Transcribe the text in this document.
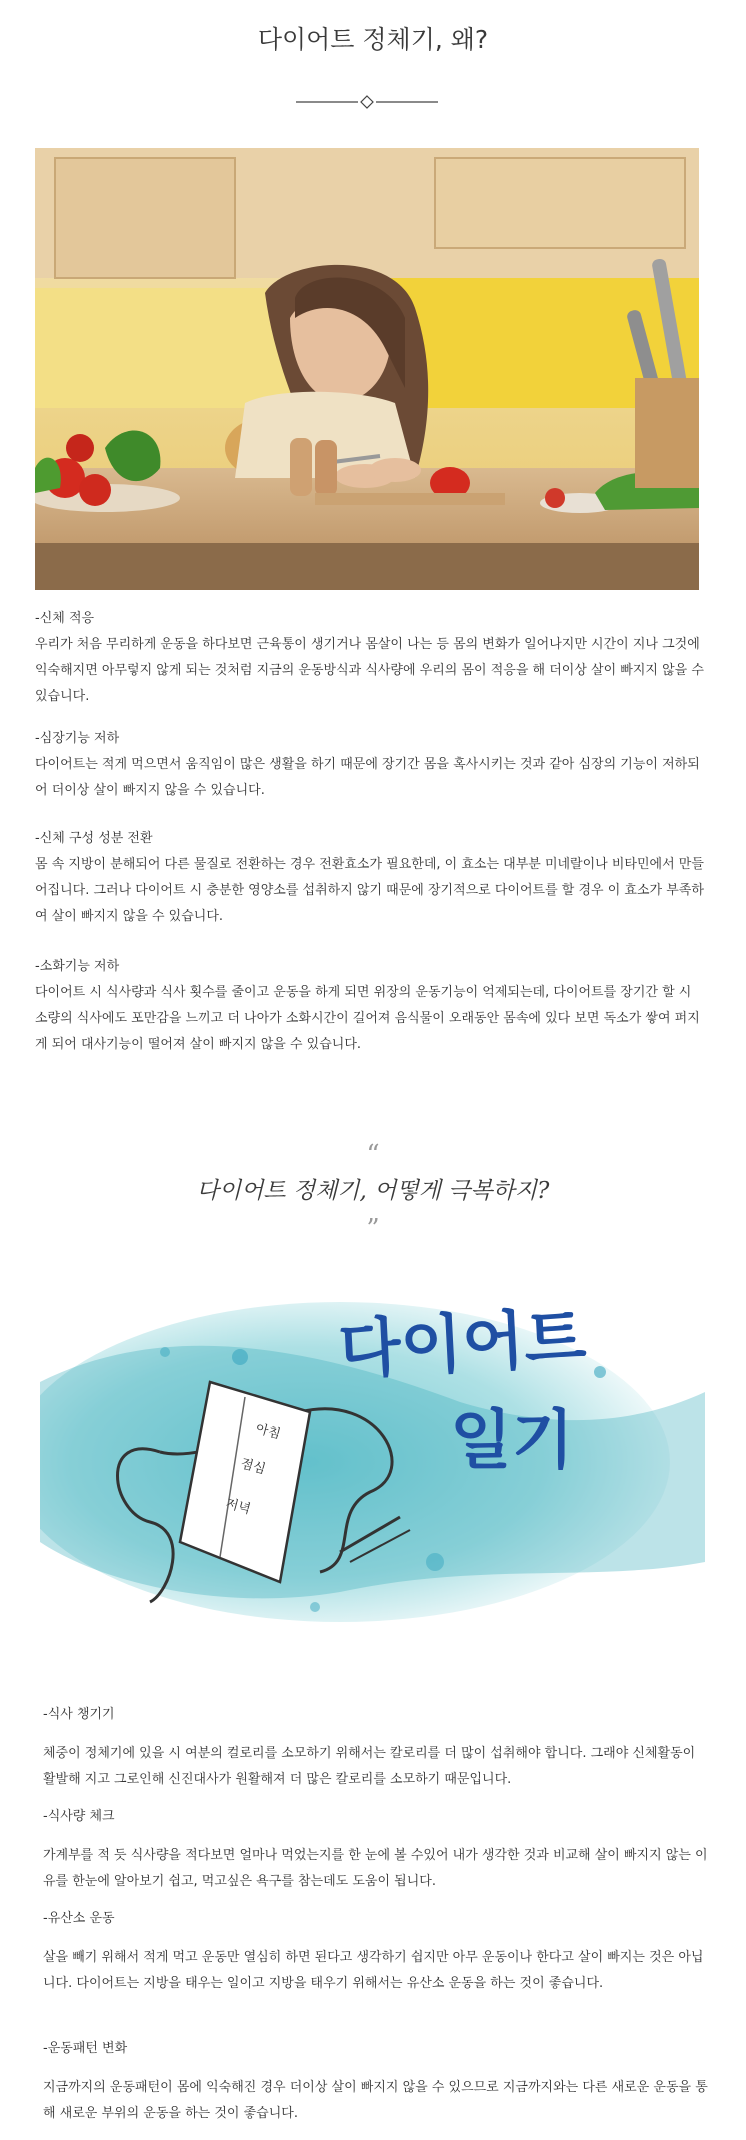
다이어트 정체기, 왜?
-신체 적응

우리가 처음 무리하게 운동을 하다보면 근육통이 생기거나 몸살이 나는 등 몸의 변화가 일어나지만 시간이 지나 그것에 익숙해지면 아무렇지 않게 되는 것처럼 지금의 운동방식과 식사량에 우리의 몸이 적응을 해 더이상 살이 빠지지 않을 수 있습니다.

-심장기능 저하

다이어트는 적게 먹으면서 움직임이 많은 생활을 하기 때문에 장기간 몸을 혹사시키는 것과 같아 심장의 기능이 저하되어 더이상 살이 빠지지 않을 수 있습니다.

-신체 구성 성분 전환

몸 속 지방이 분해되어 다른 물질로 전환하는 경우 전환효소가 필요한데, 이 효소는 대부분 미네랄이나 비타민에서 만들어집니다. 그러나 다이어트 시 충분한 영양소를 섭취하지 않기 때문에 장기적으로 다이어트를 할 경우 이 효소가 부족하여 살이 빠지지 않을 수 있습니다.

-소화기능 저하

다이어트 시 식사량과 식사 횟수를 줄이고 운동을 하게 되면 위장의 운동기능이 억제되는데, 다이어트를 장기간 할 시 소량의 식사에도 포만감을 느끼고 더 나아가 소화시간이 길어져 음식물이 오래동안 몸속에 있다 보면 독소가 쌓여 퍼지게 되어 대사기능이 떨어져 살이 빠지지 않을 수 있습니다.

“
다이어트 정체기, 어떻게 극복하지?
”
아침
점심
저녁
다이어트
일기
-식사 챙기기

체중이 정체기에 있을 시 여분의 컬로리를 소모하기 위해서는 칼로리를 더 많이 섭취해야 합니다. 그래야 신체활동이 활발해 지고 그로인해 신진대사가 원활해져 더 많은 칼로리를 소모하기 때문입니다.

-식사량 체크

가계부를 적 듯 식사량을 적다보면 얼마나 먹었는지를 한 눈에 볼 수있어 내가 생각한 것과 비교해 살이 빠지지 않는 이유를 한눈에 알아보기 쉽고, 먹고싶은 욕구를 참는데도 도움이 됩니다.

-유산소 운동

살을 빼기 위해서 적게 먹고 운동만 열심히 하면 된다고 생각하기 쉽지만 아무 운동이나 한다고 살이 빠지는 것은 아닙니다. 다이어트는 지방을 태우는 일이고 지방을 태우기 위해서는 유산소 운동을 하는 것이 좋습니다.

-운동패턴 변화

지금까지의 운동패턴이 몸에 익숙해진 경우 더이상 살이 빠지지 않을 수 있으므로 지금까지와는 다른 새로운 운동을 통해 새로운 부위의 운동을 하는 것이 좋습니다.
